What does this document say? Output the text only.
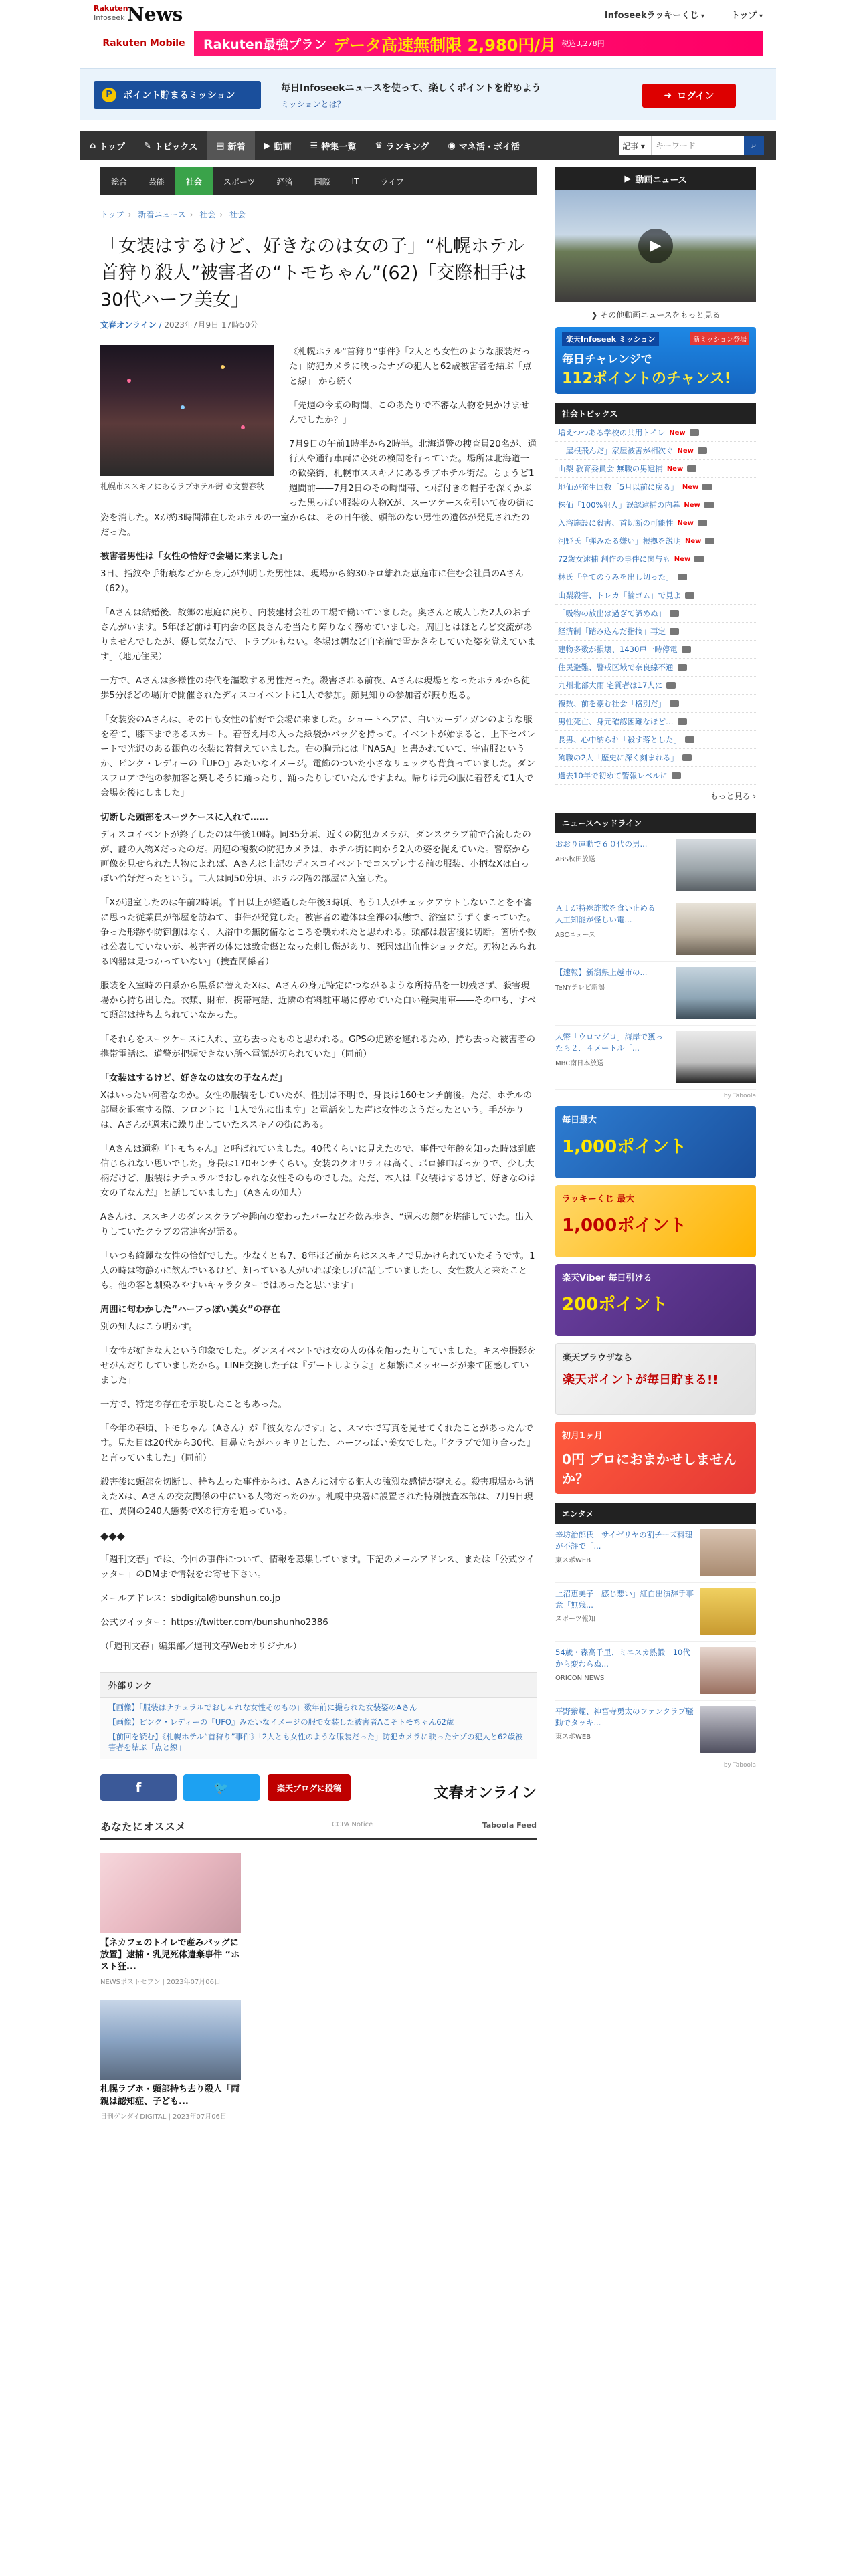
Rakuten
Infoseek News	Infoseekラッキーくじ ▾	トップ ▾
Rakuten Mobile	Rakuten最強プラン データ高速無制限 2,980円/月 税込3,278円
P	ポイント貯まるミッション
毎日Infoseekニュースを使って、楽しくポイントを貯めよう
ミッションとは？
➜ ログイン
⌂ トップ ✎ トピックス ▤ 新着 ▶ 動画 ☰ 特集一覧 ♛ ランキング ◉ マネ活・ポイ活	記事 ▾
キーワード	⌕
総合	芸能	社会	スポーツ	経済	国際	IT	ライフ
トップ › 新着ニュース › 社会 › 社会
「女装はするけど、好きなのは女の子」“札幌ホテル首狩り殺人”被害者の“トモちゃん”(62)「交際相手は30代ハーフ美女」
文春オンライン / 2023年7月9日 17時50分
札幌市ススキノにあるラブホテル街 ©文藝春秋

《札幌ホテル“首狩り”事件》「2人とも女性のような服装だった」防犯カメラに映ったナゾの犯人と62歳被害者を結ぶ「点と線」 から続く

「先週の今頃の時間、このあたりで不審な人物を見かけませんでしたか？」

7月9日の午前1時半から2時半。北海道警の捜査員20名が、通行人や通行車両に必死の検問を行っていた。場所は北海道一の歓楽街、札幌市ススキノにあるラブホテル街だ。ちょうど1週間前――7月2日のその時間帯、つば付きの帽子を深くかぶった黒っぽい服装の人物Xが、スーツケースを引いて夜の街に姿を消した。Xが約3時間滞在したホテルの一室からは、その日午後、頭部のない男性の遺体が発見されたのだった。

被害者男性は「女性の恰好で会場に来ました」

3日、指紋や手術痕などから身元が判明した男性は、現場から約30キロ離れた恵庭市に住む会社員のAさん（62）。

「Aさんは結婚後、故郷の恵庭に戻り、内装建材会社の工場で働いていました。奥さんと成人した2人のお子さんがいます。5年ほど前は町内会の区長さんを当たり障りなく務めていました。周囲とはほとんど交流がありませんでしたが、優し気な方で、トラブルもない。冬場は朝など自宅前で雪かきをしていた姿を覚えています」（地元住民）

一方で、Aさんは多様性の時代を謳歌する男性だった。殺害される前夜、Aさんは現場となったホテルから徒歩5分ほどの場所で開催されたディスコイベントに1人で参加。顔見知りの参加者が振り返る。

「女装姿のAさんは、その日も女性の恰好で会場に来ました。ショートヘアに、白いカーディガンのような服を着て、膝下まであるスカート。着替え用の入った紙袋かバッグを持って。イベントが始まると、上下セパレートで光沢のある銀色の衣装に着替えていました。右の胸元には『NASA』と書かれていて、宇宙服というか、ピンク・レディーの『UFO』みたいなイメージ。電飾のついた小さなリュックも背負っていました。ダンスフロアで他の参加客と楽しそうに踊ったり、踊ったりしていたんですよね。帰りは元の服に着替えて1人で会場を後にしました」

切断した頭部をスーツケースに入れて……

ディスコイベントが終了したのは午後10時。同35分頃、近くの防犯カメラが、ダンスクラブ前で合流したのが、謎の人物Xだったのだ。周辺の複数の防犯カメラは、ホテル街に向かう2人の姿を捉えていた。警察から画像を見せられた人物によれば、Aさんは上記のディスコイベントでコスプレする前の服装、小柄なXは白っぽい恰好だったという。二人は同50分頃、ホテル2階の部屋に入室した。

「Xが退室したのは午前2時頃。半日以上が経過した午後3時頃、もう1人がチェックアウトしないことを不審に思った従業員が部屋を訪ねて、事件が発覚した。被害者の遺体は全裸の状態で、浴室にうずくまっていた。争った形跡や防御創はなく、入浴中の無防備なところを襲われたと思われる。頭部は殺害後に切断。箇所や数は公表していないが、被害者の体には致命傷となった刺し傷があり、死因は出血性ショックだ。刃物とみられる凶器は見つかっていない」（捜査関係者）

服装を入室時の白系から黒系に替えたXは、Aさんの身元特定につながるような所持品を一切残さず、殺害現場から持ち出した。衣類、財布、携帯電話、近隣の有料駐車場に停めていた白い軽乗用車――その中も、すべて頭部は持ち去られていなかった。

「それらをスーツケースに入れ、立ち去ったものと思われる。GPSの追跡を逃れるため、持ち去った被害者の携帯電話は、道警が把握できない所へ電源が切られていた」（同前）

「女装はするけど、好きなのは女の子なんだ」

Xはいったい何者なのか。女性の服装をしていたが、性別は不明で、身長は160センチ前後。ただ、ホテルの部屋を退室する際、フロントに「1人で先に出ます」と電話をした声は女性のようだったという。手がかりは、Aさんが週末に繰り出していたススキノの街にある。

「Aさんは通称『トモちゃん』と呼ばれていました。40代くらいに見えたので、事件で年齢を知った時は到底信じられない思いでした。身長は170センチくらい。女装のクオリティは高く、ボロ雑巾ばっかりで、少し大柄だけど、服装はナチュラルでおしゃれな女性そのものでした。ただ、本人は『女装はするけど、好きなのは女の子なんだ』と話していました」（Aさんの知人）

Aさんは、ススキノのダンスクラブや趣向の変わったバーなどを飲み歩き、“週末の顔”を堪能していた。出入りしていたクラブの常連客が語る。

「いつも綺麗な女性の恰好でした。少なくとも7、8年ほど前からはススキノで見かけられていたそうです。1人の時は物静かに飲んでいるけど、知っている人がいれば楽しげに話していましたし、女性数人と来たことも。他の客と馴染みやすいキャラクターではあったと思います」

周囲に匂わかした“ハーフっぽい美女”の存在

別の知人はこう明かす。

「女性が好きな人という印象でした。ダンスイベントでは女の人の体を触ったりしていました。キスや撮影をせがんだりしていましたから。LINE交換した子は『デートしようよ』と頻繁にメッセージが来て困惑していました」

一方で、特定の存在を示唆したこともあった。

「今年の春頃、トモちゃん（Aさん）が『彼女なんです』と、スマホで写真を見せてくれたことがあったんです。見た目は20代から30代、目鼻立ちがハッキリとした、ハーフっぽい美女でした。『クラブで知り合った』と言っていました」（同前）

殺害後に頭部を切断し、持ち去った事件からは、Aさんに対する犯人の強烈な感情が窺える。殺害現場から消えたXは、Aさんの交友関係の中にいる人物だったのか。札幌中央署に設置された特別捜査本部は、7月9日現在、異例の240人態勢でXの行方を追っている。

◆◆◆

「週刊文春」では、今回の事件について、情報を募集しています。下記のメールアドレス、または「公式ツイッター」のDMまで情報をお寄せ下さい。

メールアドレス：sbdigital@bunshun.co.jp

公式ツイッター：https://twitter.com/bunshunho2386

（「週刊文春」編集部／週刊文春Webオリジナル）

外部リンク
【画像】「服装はナチュラルでおしゃれな女性そのもの」数年前に撮られた女装姿のAさん
【画像】ピンク・レディーの『UFO』みたいなイメージの服で女装した被害者Aこそトモちゃん62歳
【前回を読む】《札幌ホテル“首狩り”事件》「2人とも女性のような服装だった」防犯カメラに映ったナゾの犯人と62歳被害者を結ぶ「点と線」
f	🐦	楽天ブログに投稿	文春オンライン
あなたにオススメ	CCPA Notice	Taboola Feed
【ネカフェのトイレで産みバッグに放置】逮捕・乳児死体遺棄事件 “ホスト狂...
NEWSポストセブン | 2023年07月06日
札幌ラブホ・頭部持ち去り殺人「両親は認知症、子ども...
日刊ゲンダイDIGITAL | 2023年07月06日
▶ 動画ニュース
▶
❯ その他動画ニュースをもっと見る
楽天Infoseek ミッション	新ミッション登場
毎日チャレンジで
112ポイントのチャンス!
社会トピックス
増えつつある学校の共用トイレ New
「屋根飛んだ」家屋被害が相次ぐ New
山梨 教育委員会 無職の男逮捕 New
地価が発生回数「5月以前に戻る」 New
株価「100%犯人」誤認逮捕の内幕 New
入浴施設に殺害、首切断の可能性 New
河野氏「弾みたる嫌い」根拠を説明 New
72歳女逮捕 創作の事件に関与も New
林氏「全てのうみを出し切った」
山梨殺害、トレカ「輪ゴム」で見よ
「吸物の放出は過ぎて諦めぬ」
経済制「踏み込んだ指摘」再定
建物多数が損壊、1430戸一時停電
住民避難、警戒区域で奈良線不通
九州北部大雨 宅質者は17人に
複数、前を豪む社会「格別だ」
男性死亡、身元確認困難なほど…
長男、心中納られ「殺す落とした」
殉職の2人「歴史に深く刻まれる」
過去10年で初めて警報レベルに
もっと見る ›
ニュースヘッドライン
おおり運動で６０代の男...
ABS秋田放送
ＡＩが特殊詐欺を食い止める　人工知能が怪しい電...
ABCニュース
【速報】新潟県上越市の...
TeNYテレビ新潟
大幣「ウロマグロ」海岸で獲ったら２．４メートル「...
MBC南日本放送
by Taboola
毎日最大
1,000ポイント
ラッキーくじ 最大
1,000ポイント
楽天Viber 毎日引ける
200ポイント
楽天ブラウザなら
楽天ポイントが毎日貯まる!!
初月1ヶ月
0円 プロにおまかせしませんか？
エンタメ
辛坊治郎氏　サイゼリヤの割チーズ料理が不評で「...
東スポWEB
上沼恵美子「感じ悪い」紅白出演辞手事意「無残...
スポーツ報知
54歳・森高千里、ミニスカ熟鍛　10代から変わらぬ...
ORICON NEWS
平野紫耀、神宮寺勇太のファンクラブ騒動でタッキ...
東スポWEB
by Taboola
